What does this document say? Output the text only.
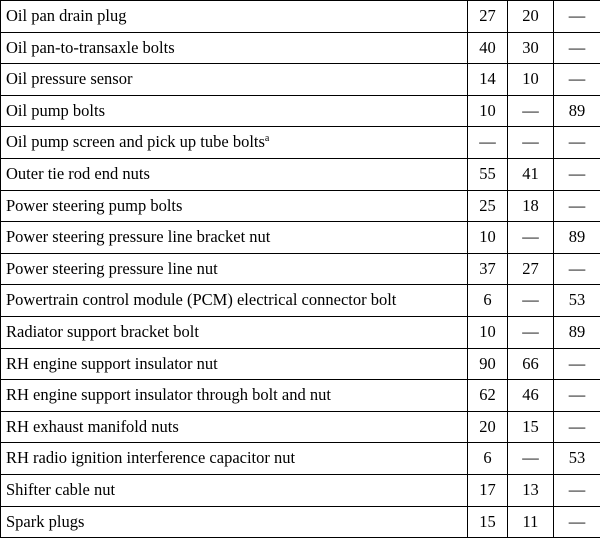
Oil pan drain plug	27	20	—
Oil pan-to-transaxle bolts	40	30	—
Oil pressure sensor	14	10	—
Oil pump bolts	10	—	89
Oil pump screen and pick up tube bolts$^a$	—	—	—
Outer tie rod end nuts	55	41	—
Power steering pump bolts	25	18	—
Power steering pressure line bracket nut	10	—	89
Power steering pressure line nut	37	27	—
Powertrain control module (PCM) electrical connector bolt	6	—	53
Radiator support bracket bolt	10	—	89
RH engine support insulator nut	90	66	—
RH engine support insulator through bolt and nut	62	46	—
RH exhaust manifold nuts	20	15	—
RH radio ignition interference capacitor nut	6	—	53
Shifter cable nut	17	13	—
Spark plugs	15	11	—
